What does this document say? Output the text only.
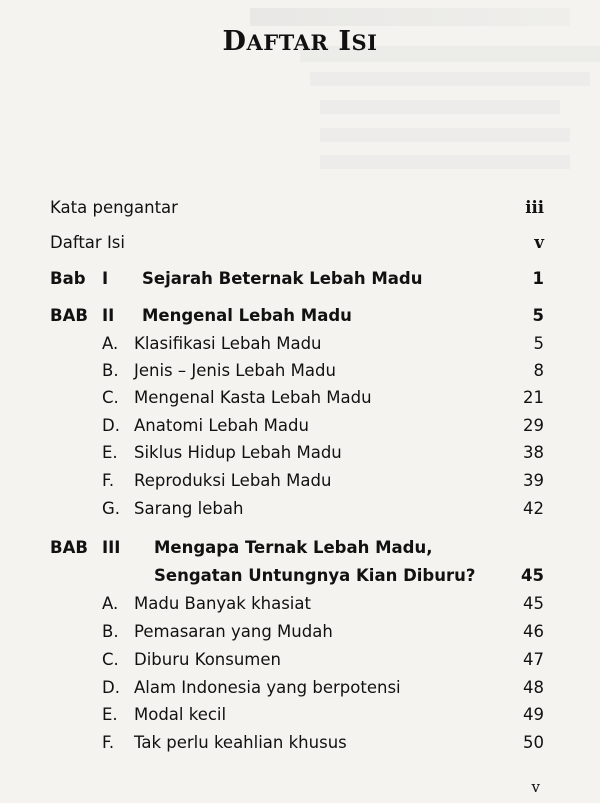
DAFTAR ISI
Kata pengantar	iii
Daftar Isi	v
Bab I Sejarah Beternak Lebah Madu	1
BAB II Mengenal Lebah Madu	5
A. Klasifikasi Lebah Madu	5
B. Jenis – Jenis Lebah Madu	8
C. Mengenal Kasta Lebah Madu	21
D. Anatomi Lebah Madu	29
E. Siklus Hidup Lebah Madu	38
F. Reproduksi Lebah Madu	39
G. Sarang lebah	42
BAB III Mengapa Ternak Lebah Madu,
Sengatan Untungnya Kian Diburu?	45
A. Madu Banyak khasiat	45
B. Pemasaran yang Mudah	46
C. Diburu Konsumen	47
D. Alam Indonesia yang berpotensi	48
E. Modal kecil	49
F. Tak perlu keahlian khusus	50
v
